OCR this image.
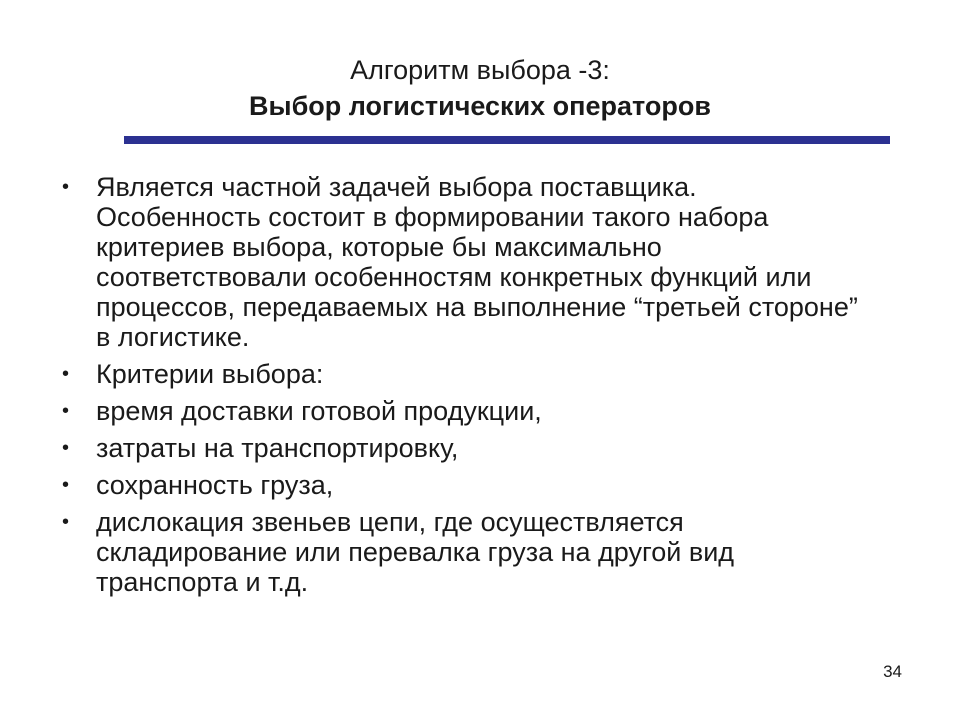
Алгоритм выбора -3:
Выбор логистических операторов
• Является частной задачей выбора поставщика. Особенность состоит в формировании такого набора критериев выбора, которые бы максимально соответствовали особенностям конкретных функций или процессов, передаваемых на выполнение “третьей стороне” в логистике.
• Критерии выбора:
• время доставки готовой продукции,
• затраты на транспортировку,
• сохранность груза,
• дислокация звеньев цепи, где осуществляется складирование или перевалка груза на другой вид транспорта и т.д.
34
